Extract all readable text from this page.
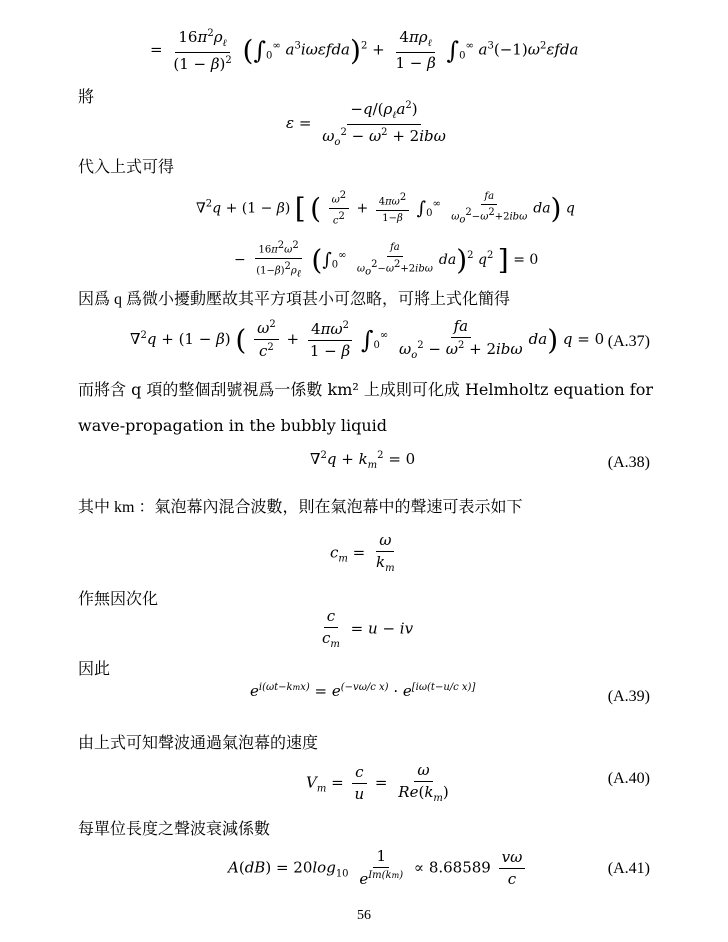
= $\frac{16\pi^2\rho_\ell}{(1 - \beta)^2} (\int_0^\infty$ $a^3i\omega\varepsilon fda)^2 + \frac{4\pi\rho_\ell}{1 - \beta} \int_0^\infty$ $a^3(-1)\omega^2\varepsilon fda$
將
$\varepsilon = \frac{-q/(\rho_\ell a^2)}{\omega_o^2 - \omega^2 + 2ib\omega}$
代入上式可得
∇$^2$q + (1 − β) [ ( $\frac{\omega 2}{c2} + \frac{4\pi\omega 2}{1-\beta} \int_0^\infty \frac{fa}{\text{ωo2−ω2+2ibω}} da$) q
− $\frac{16\pi 2\omega 2}{\text{(1−β)2ρℓ}} (\int_0^\infty \frac{fa}{\text{ωo2−ω2+2ibω}} da)^2$ $q^2$ ] = 0
因爲 q 爲微小擾動壓故其平方項甚小可忽略，可將上式化簡得
∇$^2$q + (1 − β) ( $\frac{\omega^2}{c^2} + \frac{4\pi\omega^2}{1 - \beta} \int_0^\infty \frac{fa}{\omega_o^2 - \omega^2 + 2ib\omega} da$) q = 0 (A.37)
而將含 q 項的整個刮號視爲一係數 km² 上成則可化成 Helmholtz equation for wave-propagation in the bubbly liquid
$\nabla^2q + k_m^2 = 0$	(A.38)
其中 km ：氣泡幕內混合波數，則在氣泡幕中的聲速可表示如下
$c_m = \frac{\omega}{k_m}$
作無因次化
$\frac{c}{c_m} = u$ − iv
因此
$e^{i(\omega t-kmx)} = e^{(-v\omega/c x)} \cdot e[i\omega(t-u/c x)]$
(A.39)
由上式可知聲波通過氣泡幕的速度
$V_m = \frac{c}{u} = \frac{\omega}{Re(k_m)}$	(A.40)
每單位長度之聲波衰減係數
$A(dB) = 20\log_{10} \frac{1}{e^{Im(km)}} \propto 8.68589 \frac{v\omega}{c}$	(A.41)
56
